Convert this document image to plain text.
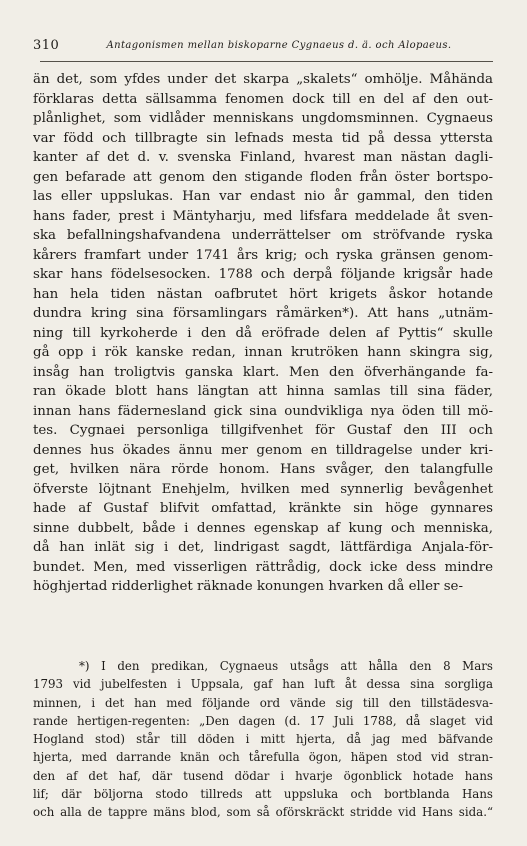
310	Antagonismen mellan biskoparne Cygnaeus d. ä. och Alopaeus.
än det, som yfdes under det skarpa „skalets“ omhölje. Måhända
förklaras detta sällsamma fenomen dock till en del af den out-
plånlighet, som vidlåder menniskans ungdomsminnen. Cygnaeus
var född och tillbragte sin lefnads mesta tid på dessa yttersta
kanter af det d. v. svenska Finland, hvarest man nästan dagli-
gen befarade att genom den stigande floden från öster bortspo-
las eller uppslukas. Han var endast nio år gammal, den tiden
hans fader, prest i Mäntyharju, med lifsfara meddelade åt sven-
ska befallningshafvandena underrättelser om ströfvande ryska
kårers framfart under 1741 års krig; och ryska gränsen genom-
skar hans födelsesocken. 1788 och derpå följande krigsår hade
han hela tiden nästan oafbrutet hört krigets åskor hotande
dundra kring sina församlingars råmärken*). Att hans „utnäm-
ning till kyrkoherde i den då eröfrade delen af Pyttis“ skulle
gå opp i rök kanske redan, innan krutröken hann skingra sig,
insåg han troligtvis ganska klart. Men den öfverhängande fa-
ran ökade blott hans längtan att hinna samlas till sina fäder,
innan hans fäderneslаnd gick sina oundvikliga nya öden till mö-
tes. Cygnaei personliga tillgifvenhet för Gustaf den III och
dennes hus ökades ännu mer genom en tilldragelse under kri-
get, hvilken nära rörde honom. Hans svåger, den talangfulle
öfverste löjtnant Enehjelm, hvilken med synnerlig bevågenhet
hade af Gustaf blifvit omfattad, kränkte sin höge gynnares
sinne dubbelt, både i dennes egenskap af kung och menniska,
då han inlät sig i det, lindrigast sagdt, lättfärdiga Anjala-för-
bundet. Men, med visserligen rättrådig, dock icke dess mindre
höghjertad ridderlighet räknade konungen hvarken då eller se-
*) I den predikan, Cygnaeus utsågs att hålla den 8 Mars
1793 vid jubelfesten i Uppsala, gaf han luft åt dessa sina sorgliga
minnen, i det han med följande ord vände sig till den tillstädesva-
rande hertigen-regenten: „Den dagen (d. 17 Juli 1788, då slaget vid
Hogland stod) står till döden i mitt hjerta, då jag med bäfvande
hjerta, med darrande knän och tårefulla ögon, häpen stod vid stran-
den af det haf, där tusend dödar i hvarje ögonblick hotade hans
lif; där böljorna stodo tillreds att uppsluka och bortblanda Hans
och alla de tappre mäns blod, som så oförskräckt stridde vid Hans sida.“
